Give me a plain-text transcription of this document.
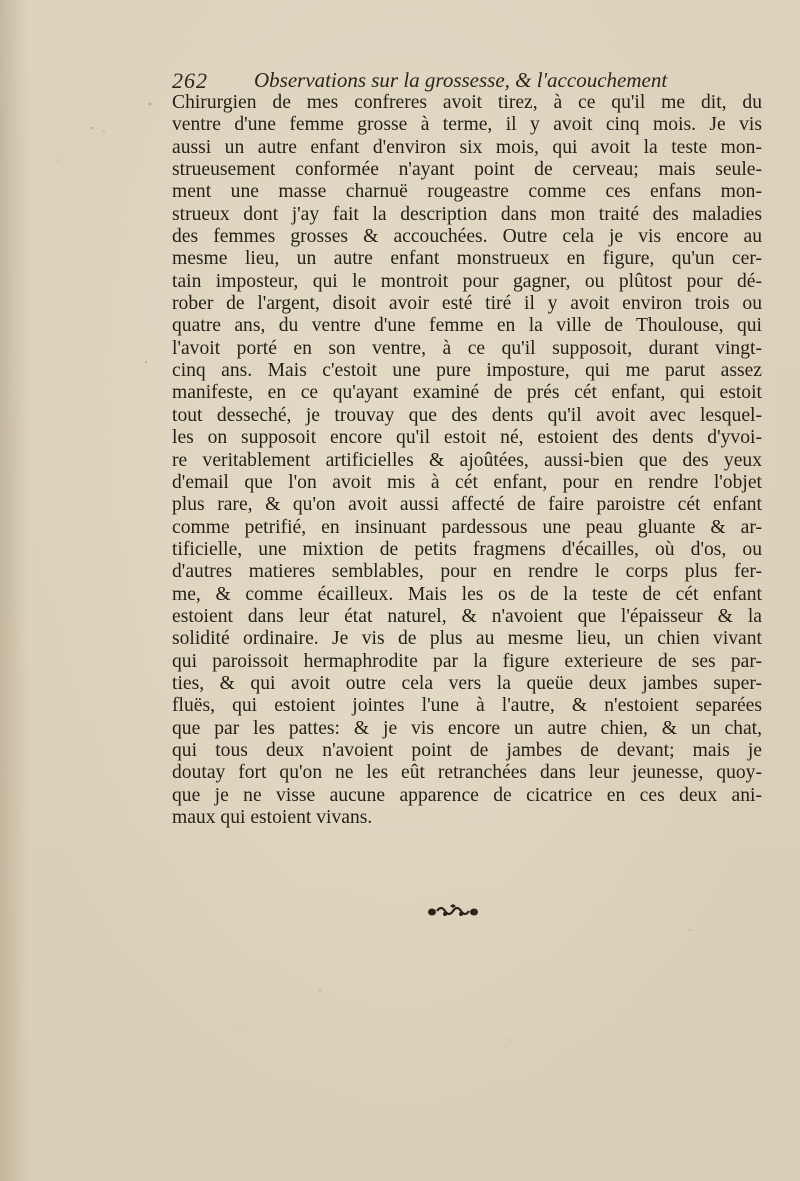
262 Observations sur la grossesse, & l'accouchement
Chirurgien de mes confreres avoit tirez, à ce qu'il me dit, du
ventre d'une femme grosse à terme, il y avoit cinq mois. Je vis
aussi un autre enfant d'environ six mois, qui avoit la teste mon-
strueusement conformée n'ayant point de cerveau; mais seule-
ment une masse charnuë rougeastre comme ces enfans mon-
strueux dont j'ay fait la description dans mon traité des maladies
des femmes grosses & accouchées. Outre cela je vis encore au
mesme lieu, un autre enfant monstrueux en figure, qu'un cer-
tain imposteur, qui le montroit pour gagner, ou plûtost pour dé-
rober de l'argent, disoit avoir esté tiré il y avoit environ trois ou
quatre ans, du ventre d'une femme en la ville de Thoulouse, qui
l'avoit porté en son ventre, à ce qu'il supposoit, durant vingt-
cinq ans. Mais c'estoit une pure imposture, qui me parut assez
manifeste, en ce qu'ayant examiné de prés cét enfant, qui estoit
tout desseché, je trouvay que des dents qu'il avoit avec lesquel-
les on supposoit encore qu'il estoit né, estoient des dents d'yvoi-
re veritablement artificielles & ajoûtées, aussi-bien que des yeux
d'email que l'on avoit mis à cét enfant, pour en rendre l'objet
plus rare, & qu'on avoit aussi affecté de faire paroistre cét enfant
comme petrifié, en insinuant pardessous une peau gluante & ar-
tificielle, une mixtion de petits fragmens d'écailles, où d'os, ou
d'autres matieres semblables, pour en rendre le corps plus fer-
me, & comme écailleux. Mais les os de la teste de cét enfant
estoient dans leur état naturel, & n'avoient que l'épaisseur & la
solidité ordinaire. Je vis de plus au mesme lieu, un chien vivant
qui paroissoit hermaphrodite par la figure exterieure de ses par-
ties, & qui avoit outre cela vers la queüe deux jambes super-
fluës, qui estoient jointes l'une à l'autre, & n'estoient separées
que par les pattes: & je vis encore un autre chien, & un chat,
qui tous deux n'avoient point de jambes de devant; mais je
doutay fort qu'on ne les eût retranchées dans leur jeunesse, quoy-
que je ne visse aucune apparence de cicatrice en ces deux ani-
maux qui estoient vivans.
